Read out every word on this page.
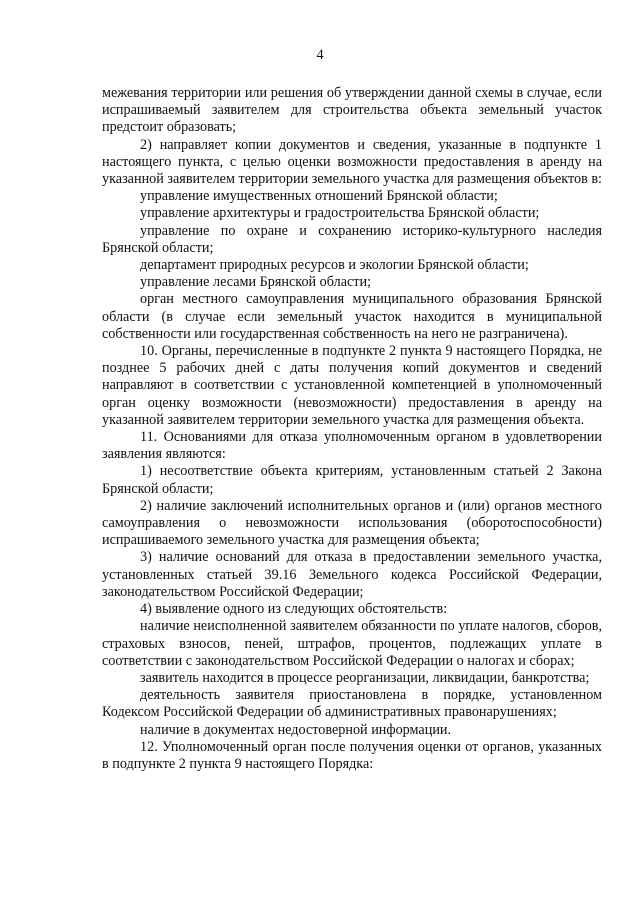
4

межевания территории или решения об утверждении данной схемы в случае, если испрашиваемый заявителем для строительства объекта земельный участок предстоит образовать;

2) направляет копии документов и сведения, указанные в подпункте 1 настоящего пункта, с целью оценки возможности предоставления в аренду на указанной заявителем территории земельного участка для размещения объектов в:

управление имущественных отношений Брянской области;

управление архитектуры и градостроительства Брянской области;

управление по охране и сохранению историко-культурного наследия Брянской области;

департамент природных ресурсов и экологии Брянской области;

управление лесами Брянской области;

орган местного самоуправления муниципального образования Брянской области (в случае если земельный участок находится в муниципальной собственности или государственная собственность на него не разграничена).

10. Органы, перечисленные в подпункте 2 пункта 9 настоящего Порядка, не позднее 5 рабочих дней с даты получения копий документов и сведений направляют в соответствии с установленной компетенцией в уполномоченный орган оценку возможности (невозможности) предоставления в аренду на указанной заявителем территории земельного участка для размещения объекта.

11. Основаниями для отказа уполномоченным органом в удовлетворении заявления являются:

1) несоответствие объекта критериям, установленным статьей 2 Закона Брянской области;

2) наличие заключений исполнительных органов и (или) органов местного самоуправления о невозможности использования (оборотоспособности) испрашиваемого земельного участка для размещения объекта;

3) наличие оснований для отказа в предоставлении земельного участка, установленных статьей 39.16 Земельного кодекса Российской Федерации, законодательством Российской Федерации;

4) выявление одного из следующих обстоятельств:

наличие неисполненной заявителем обязанности по уплате налогов, сборов, страховых взносов, пеней, штрафов, процентов, подлежащих уплате в соответствии с законодательством Российской Федерации о налогах и сборах;

заявитель находится в процессе реорганизации, ликвидации, банкротства;

деятельность заявителя приостановлена в порядке, установленном Кодексом Российской Федерации об административных правонарушениях;

наличие в документах недостоверной информации.

12. Уполномоченный орган после получения оценки от органов, указанных в подпункте 2 пункта 9 настоящего Порядка:
